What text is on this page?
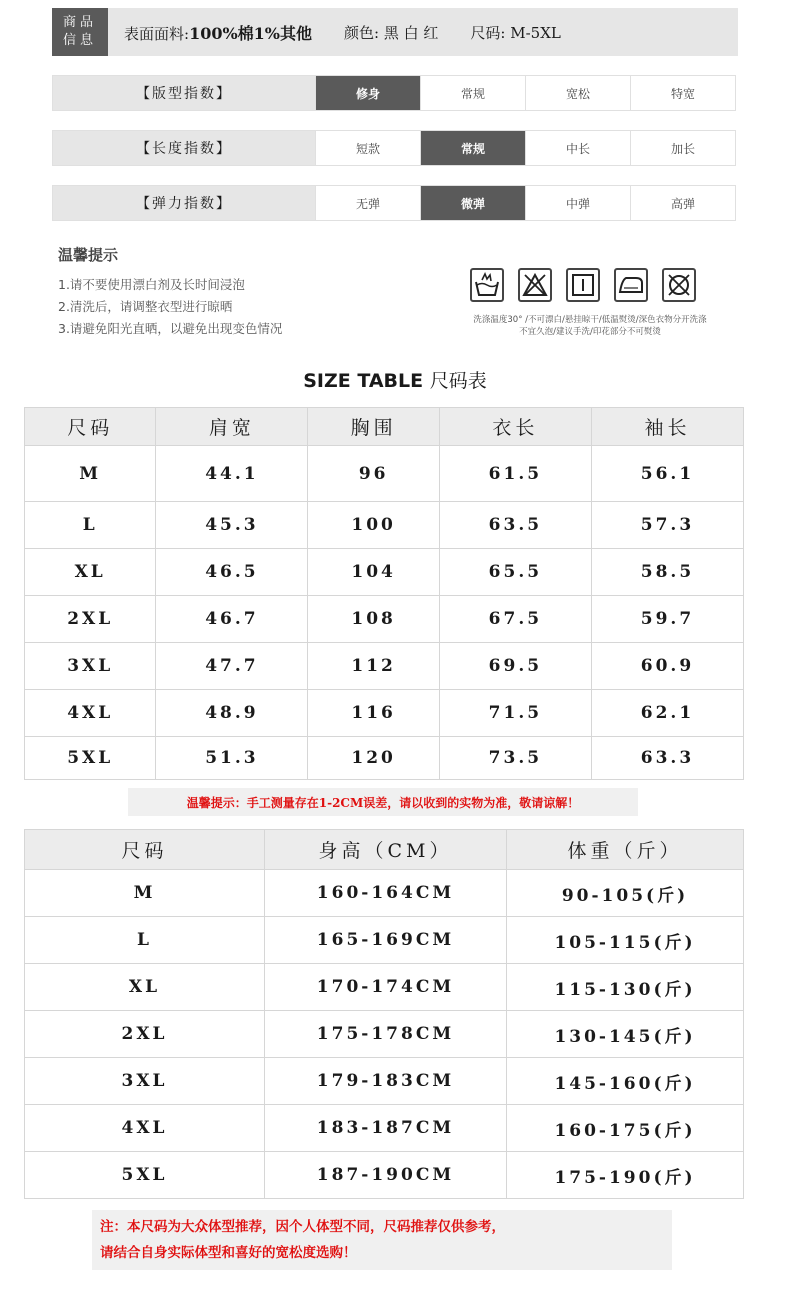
商品
信息 表面面料:100%棉1%其他 颜色: 黑 白 红 尺码: M-5XL
【版型指数】	修身	常规	宽松	特宽
【长度指数】	短款	常规	中长	加长
【弹力指数】	无弹	微弹	中弹	高弹
温馨提示
1.请不要使用漂白剂及长时间浸泡
2.清洗后，请调整衣型进行晾晒
3.请避免阳光直晒，以避免出现变色情况
洗涤温度30° /不可漂白/悬挂晾干/低温熨烫/深色衣物分开洗涤
不宜久泡/建议手洗/印花部分不可熨烫
SIZE TABLE 尺码表
尺码	肩宽	胸围	衣长	袖长
M	44.1	96	61.5	56.1
L	45.3	100	63.5	57.3
XL	46.5	104	65.5	58.5
2XL	46.7	108	67.5	59.7
3XL	47.7	112	69.5	60.9
4XL	48.9	116	71.5	62.1
5XL	51.3	120	73.5	63.3
温馨提示：手工测量存在1-2CM误差，请以收到的实物为准，敬请谅解！
尺码	身高（CM）	体重（斤）
M	160-164CM	90-105(斤)
L	165-169CM	105-115(斤)
XL	170-174CM	115-130(斤)
2XL	175-178CM	130-145(斤)
3XL	179-183CM	145-160(斤)
4XL	183-187CM	160-175(斤)
5XL	187-190CM	175-190(斤)
注：本尺码为大众体型推荐，因个人体型不同，尺码推荐仅供参考，
请结合自身实际体型和喜好的宽松度选购！
